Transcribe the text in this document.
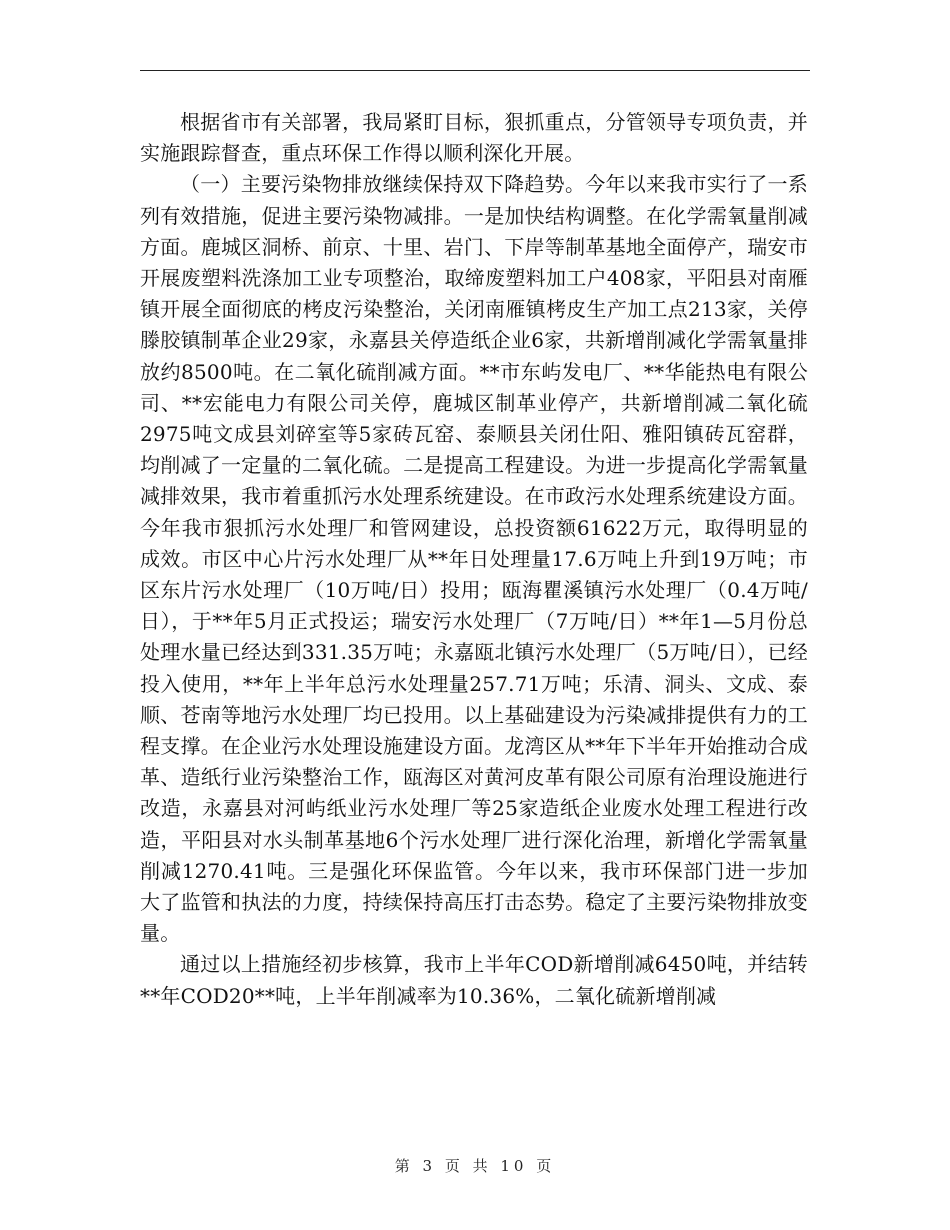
根据省市有关部署，我局紧盯目标，狠抓重点，分管领导专项负责，并实施跟踪督查，重点环保工作得以顺利深化开展。

（一）主要污染物排放继续保持双下降趋势。今年以来我市实行了一系列有效措施，促进主要污染物减排。一是加快结构调整。在化学需氧量削减方面。鹿城区洞桥、前京、十里、岩门、下岸等制革基地全面停产，瑞安市开展废塑料洗涤加工业专项整治，取缔废塑料加工户408家，平阳县对南雁镇开展全面彻底的栲皮污染整治，关闭南雁镇栲皮生产加工点213家，关停滕胶镇制革企业29家，永嘉县关停造纸企业6家，共新增削减化学需氧量排放约8500吨。在二氧化硫削减方面。**市东屿发电厂、**华能热电有限公司、**宏能电力有限公司关停，鹿城区制革业停产，共新增削减二氧化硫2975吨文成县刘碎室等5家砖瓦窑、泰顺县关闭仕阳、雅阳镇砖瓦窑群，均削减了一定量的二氧化硫。二是提高工程建设。为进一步提高化学需氧量减排效果，我市着重抓污水处理系统建设。在市政污水处理系统建设方面。今年我市狠抓污水处理厂和管网建设，总投资额61622万元，取得明显的成效。市区中心片污水处理厂从**年日处理量17.6万吨上升到19万吨；市区东片污水处理厂（10万吨/日）投用；瓯海瞿溪镇污水处理厂（0.4万吨/日），于**年5月正式投运；瑞安污水处理厂（7万吨/日）**年1—5月份总处理水量已经达到331.35万吨；永嘉瓯北镇污水处理厂（5万吨/日），已经投入使用，**年上半年总污水处理量257.71万吨；乐清、洞头、文成、泰顺、苍南等地污水处理厂均已投用。以上基础建设为污染减排提供有力的工程支撑。在企业污水处理设施建设方面。龙湾区从**年下半年开始推动合成革、造纸行业污染整治工作，瓯海区对黄河皮革有限公司原有治理设施进行改造，永嘉县对河屿纸业污水处理厂等25家造纸企业废水处理工程进行改造，平阳县对水头制革基地6个污水处理厂进行深化治理，新增化学需氧量削减1270.41吨。三是强化环保监管。今年以来，我市环保部门进一步加大了监管和执法的力度，持续保持高压打击态势。稳定了主要污染物排放变量。

通过以上措施经初步核算，我市上半年COD新增削减6450吨，并结转**年COD20**吨，上半年削减率为10.36%，二氧化硫新增削减

第 3 页 共 10 页
